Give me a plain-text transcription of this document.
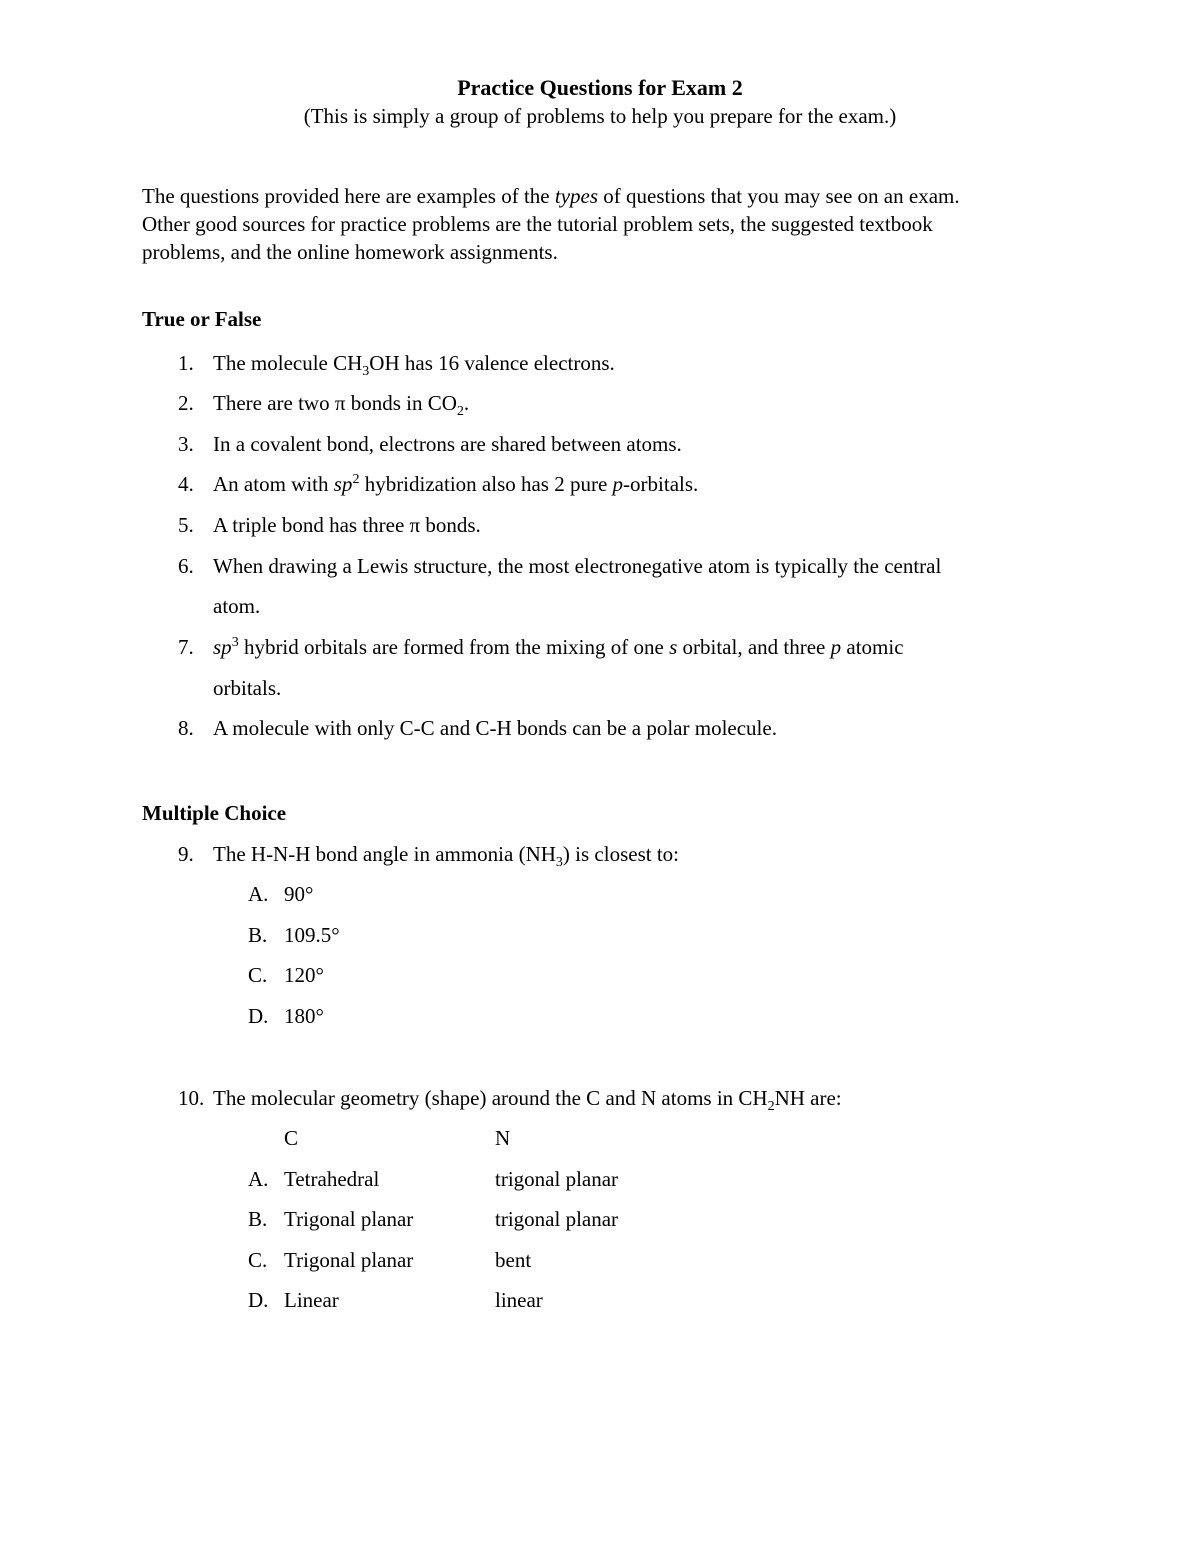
Practice Questions for Exam 2
(This is simply a group of problems to help you prepare for the exam.)
The questions provided here are examples of the types of questions that you may see on an exam.
Other good sources for practice problems are the tutorial problem sets, the suggested textbook
problems, and the online homework assignments.
True or False
1. The molecule $CH_3OH$ has 16 valence electrons.
2. There are two π bonds in $CO_2$.
3. In a covalent bond, electrons are shared between atoms.
4. An atom with $sp^2$ hybridization also has 2 pure p-orbitals.
5. A triple bond has three π bonds.
6. When drawing a Lewis structure, the most electronegative atom is typically the central
atom.
7. $sp^3$ hybrid orbitals are formed from the mixing of one s orbital, and three p atomic
orbitals.
8. A molecule with only C-C and C-H bonds can be a polar molecule.
Multiple Choice
9. The H-N-H bond angle in ammonia $(NH_3)$ is closest to:
A. 90°
B. 109.5°
C. 120°
D. 180°
10. The molecular geometry (shape) around the C and N atoms in $CH_2NH$ are:
C	N
A. Tetrahedral	trigonal planar
B. Trigonal planar	trigonal planar
C. Trigonal planar	bent
D. Linear	linear
